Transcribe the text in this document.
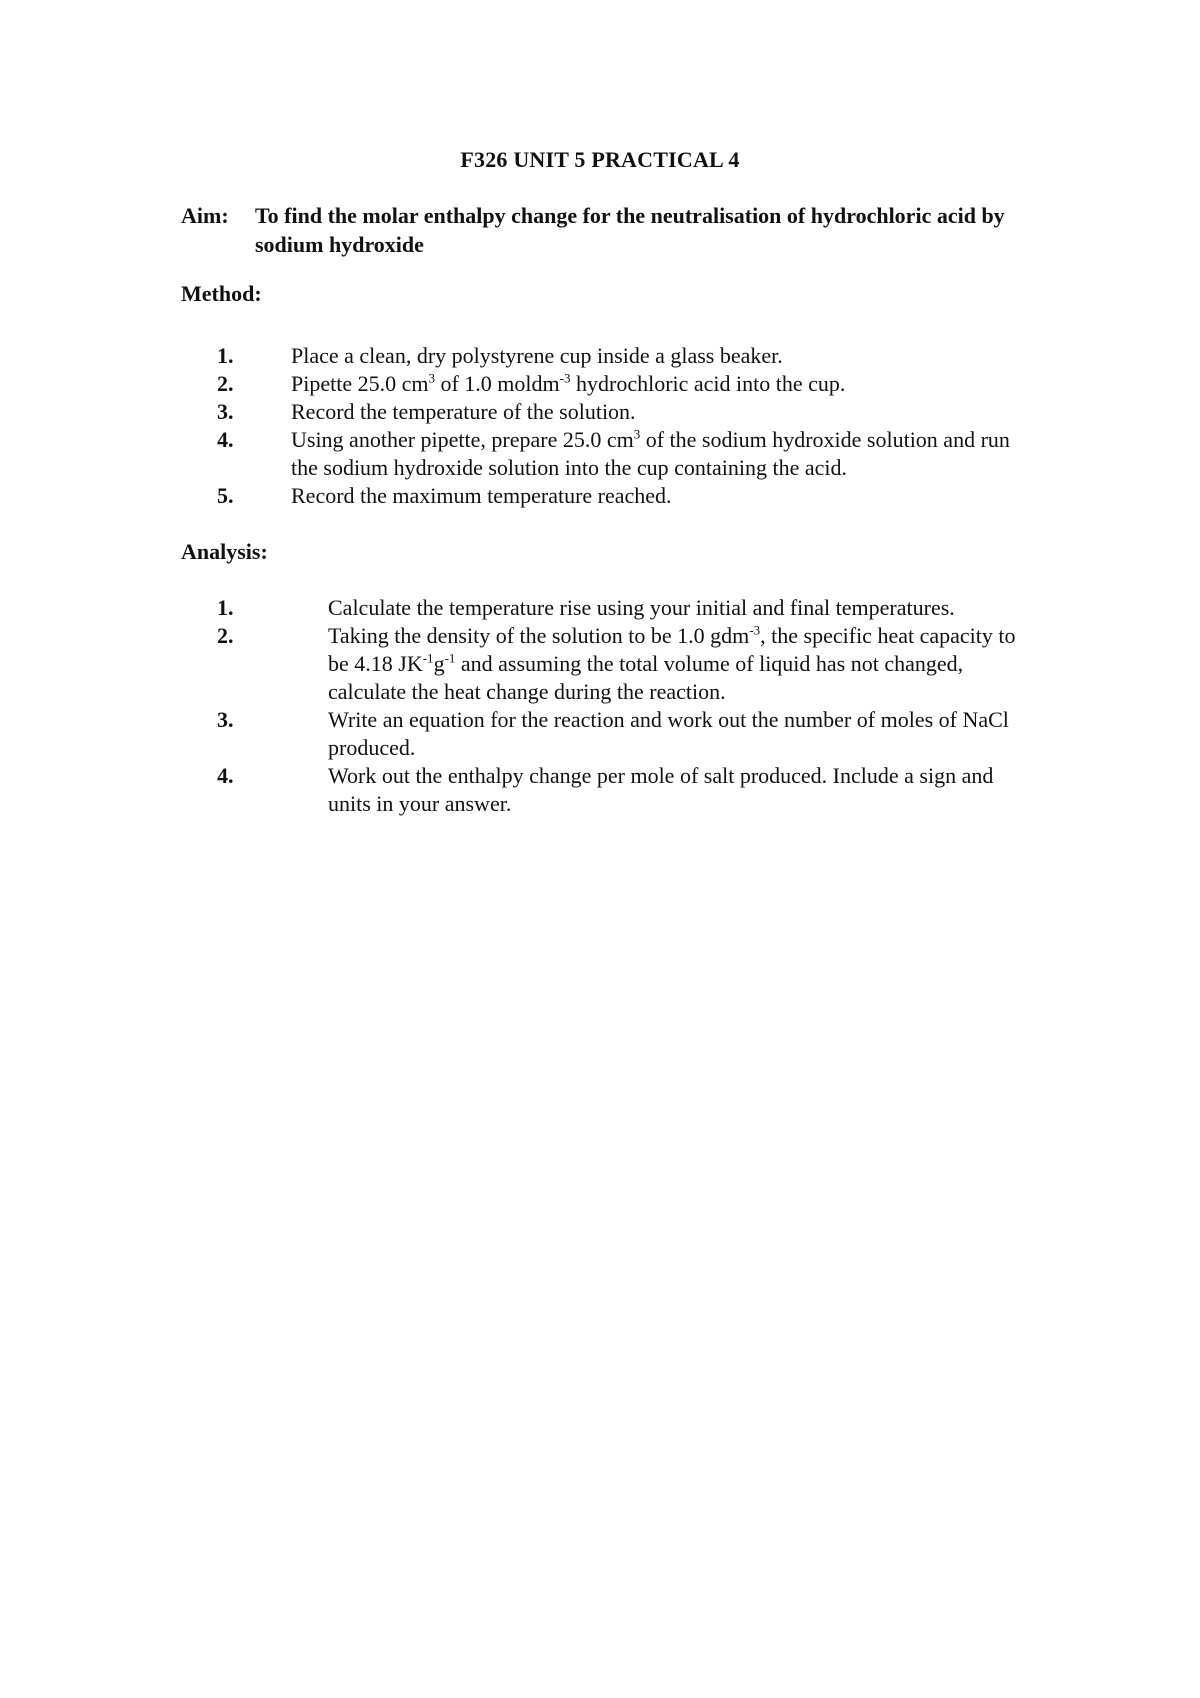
F326 UNIT 5 PRACTICAL 4
Aim: To find the molar enthalpy change for the neutralisation of hydrochloric acid by sodium hydroxide
Method:
1.	Place a clean, dry polystyrene cup inside a glass beaker.
2.	Pipette 25.0 $cm^3$ of 1.0 moldm$^{-3}$ hydrochloric acid into the cup.
3.	Record the temperature of the solution.
4.	Using another pipette, prepare 25.0 $cm^3$ of the sodium hydroxide solution and run the sodium hydroxide solution into the cup containing the acid.
5.	Record the maximum temperature reached.
Analysis:
1.	Calculate the temperature rise using your initial and final temperatures.
2.	Taking the density of the solution to be 1.0 gdm$^{-3}$, the specific heat capacity to be 4.18 $JK^{-1}g^{-1}$ and assuming the total volume of liquid has not changed, calculate the heat change during the reaction.
3.	Write an equation for the reaction and work out the number of moles of NaCl produced.
4.	Work out the enthalpy change per mole of salt produced. Include a sign and units in your answer.
